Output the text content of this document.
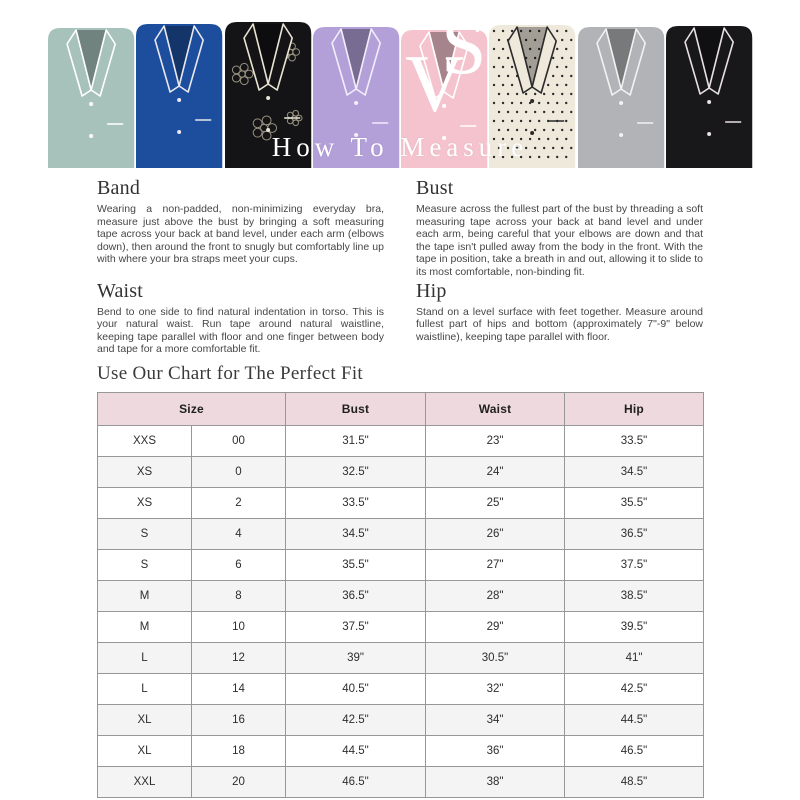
S
V
How To Measure
Band

Wearing a non-padded, non-minimizing everyday bra, measure just above the bust by bringing a soft measuring tape across your back at band level, under each arm (elbows down), then around the front to snugly but comfortably line up with where your bra straps meet your cups.

Bust

Measure across the fullest part of the bust by threading a soft measuring tape across your back at band level and under each arm, being careful that your elbows are down and that the tape isn't pulled away from the body in the front. With the tape in position, take a breath in and out, allowing it to slide to its most comfortable, non-binding fit.

Waist

Bend to one side to find natural indentation in torso. This is your natural waist. Run tape around natural waistline, keeping tape parallel with floor and one finger between body and tape for a more comfortable fit.

Hip

Stand on a level surface with feet together. Measure around fullest part of hips and bottom (approximately 7"-9" below waistline), keeping tape parallel with floor.

Use Our Chart for The Perfect Fit
Size		Bust	Waist	Hip
XXS	00	31.5"	23"	33.5"
XS	0	32.5"	24"	34.5"
XS	2	33.5"	25"	35.5"
S	4	34.5"	26"	36.5"
S	6	35.5"	27"	37.5"
M	8	36.5"	28"	38.5"
M	10	37.5"	29"	39.5"
L	12	39"	30.5"	41"
L	14	40.5"	32"	42.5"
XL	16	42.5"	34"	44.5"
XL	18	44.5"	36"	46.5"
XXL	20	46.5"	38"	48.5"
